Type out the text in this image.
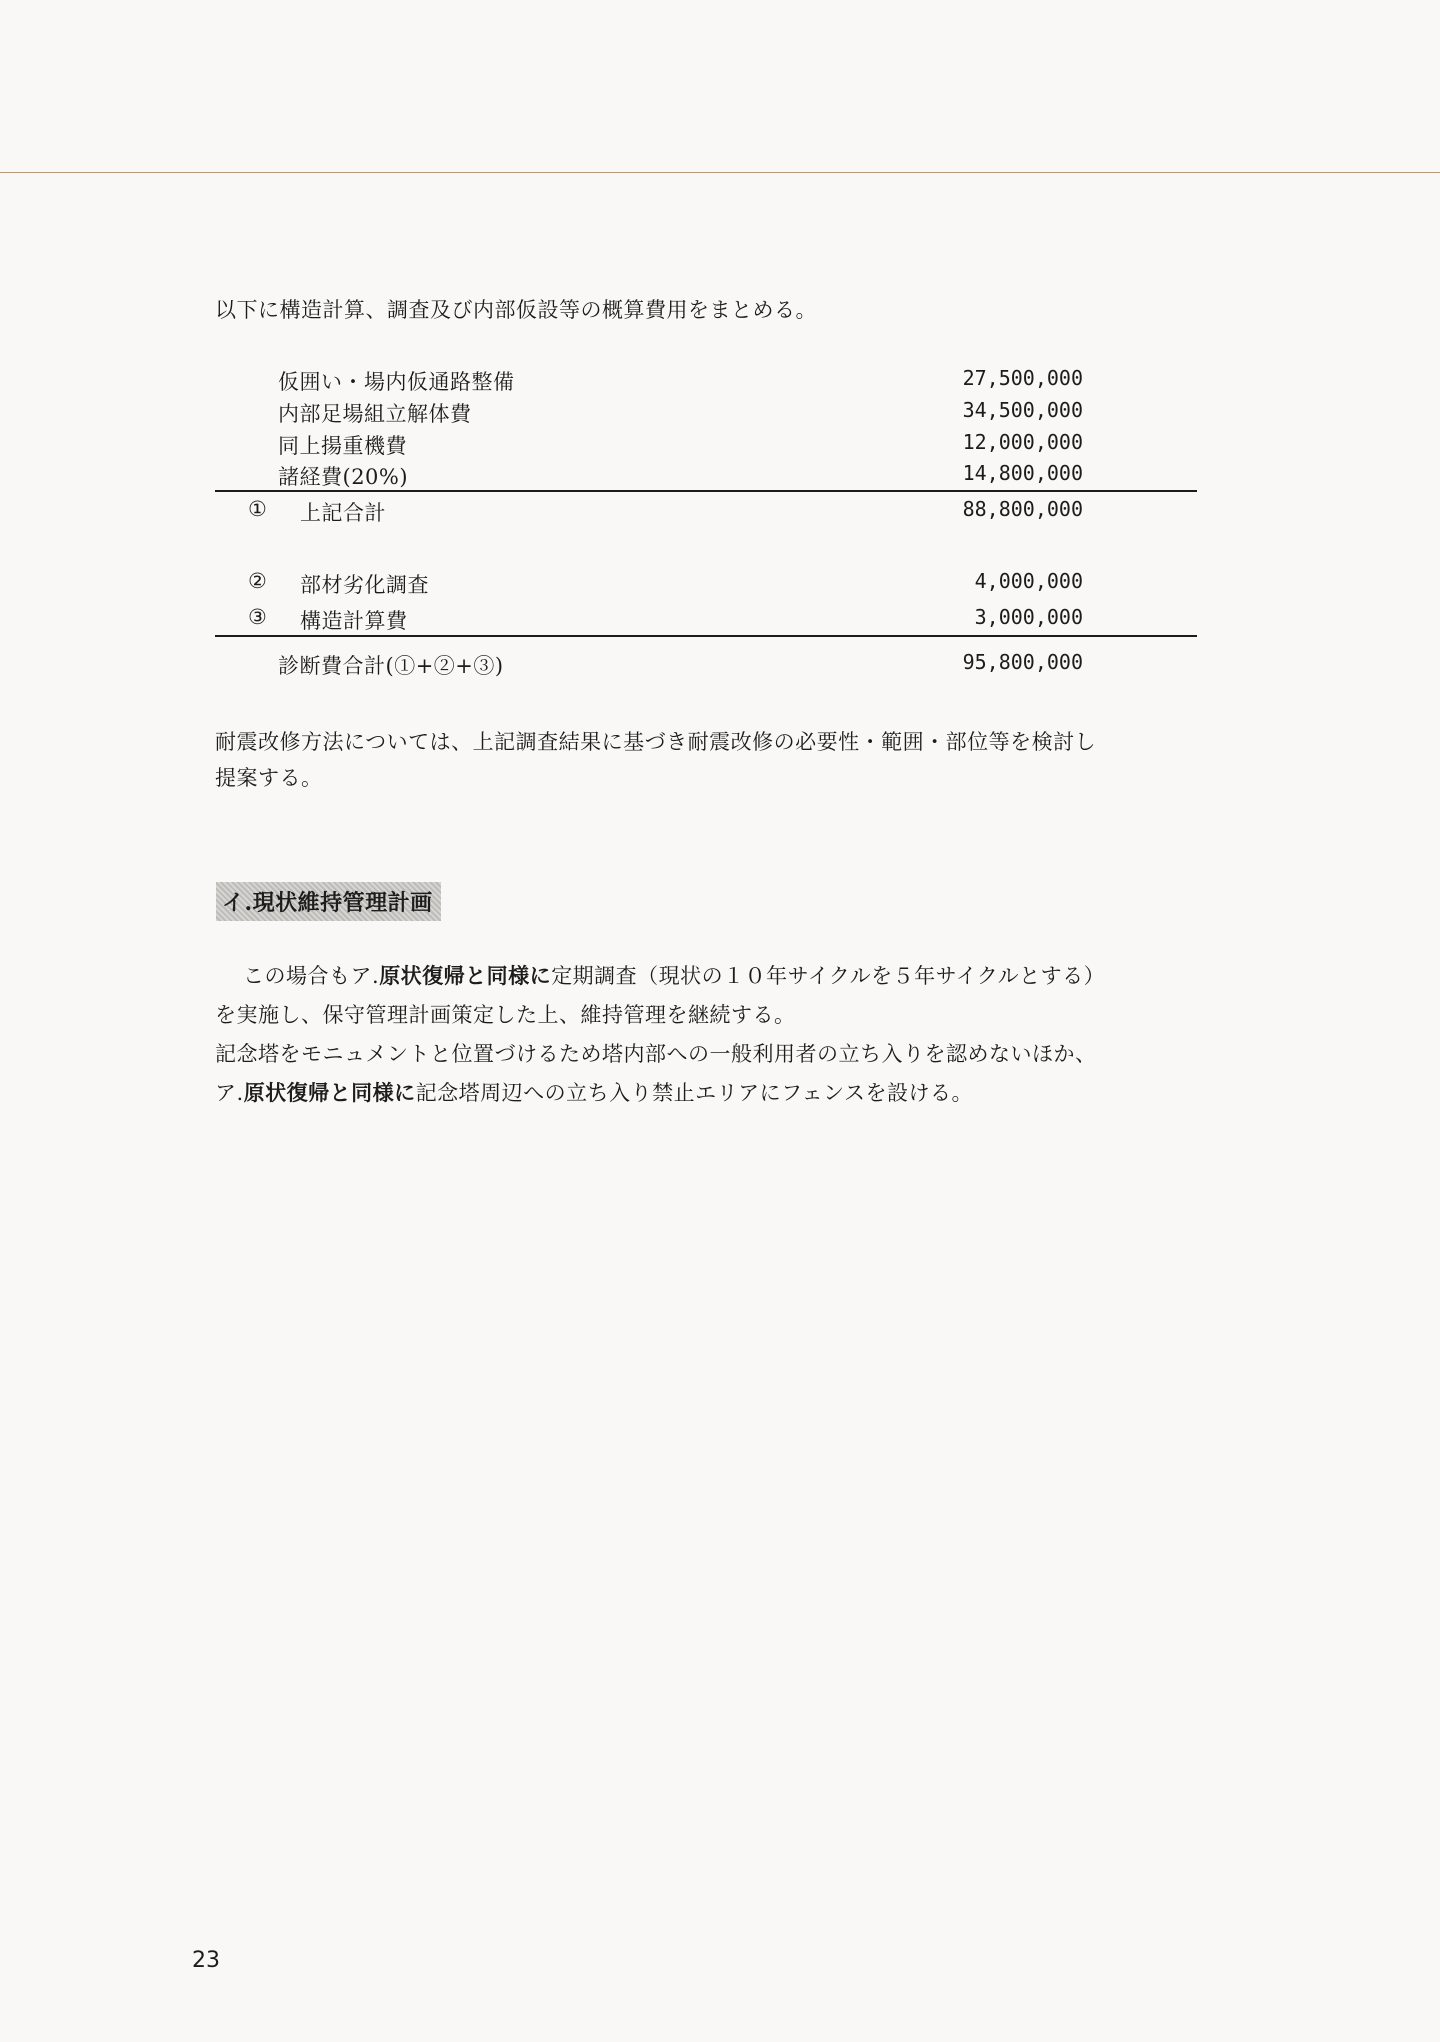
以下に構造計算、調査及び内部仮設等の概算費用をまとめる。
仮囲い・場内仮通路整備	27,500,000
内部足場組立解体費	34,500,000
同上揚重機費	12,000,000
諸経費(20%)	14,800,000
① 上記合計	88,800,000
② 部材劣化調査	4,000,000
③ 構造計算費	3,000,000
診断費合計(①+②+③)	95,800,000
耐震改修方法については、上記調査結果に基づき耐震改修の必要性・範囲・部位等を検討し
提案する。
イ.現状維持管理計画
この場合もア.原状復帰と同様に定期調査（現状の１０年サイクルを５年サイクルとする）
を実施し、保守管理計画策定した上、維持管理を継続する。
記念塔をモニュメントと位置づけるため塔内部への一般利用者の立ち入りを認めないほか、
ア.原状復帰と同様に記念塔周辺への立ち入り禁止エリアにフェンスを設ける。
23
